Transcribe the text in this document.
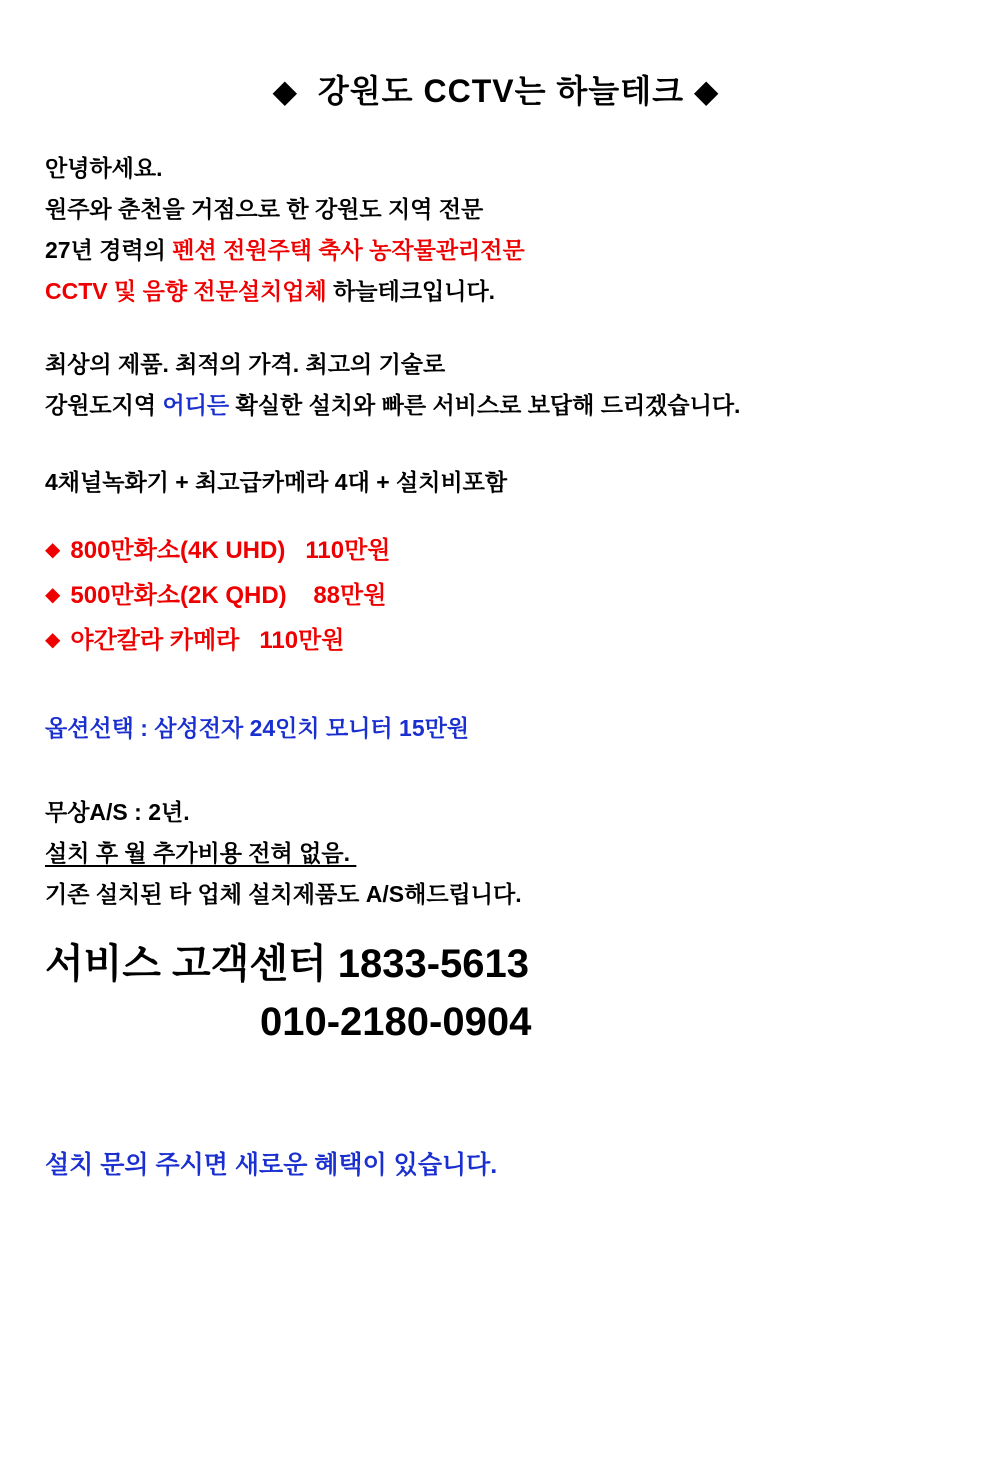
◆  강원도 CCTV는 하늘테크 ◆
안녕하세요.
원주와 춘천을 거점으로 한 강원도 지역 전문
27년 경력의 펜션 전원주택 축사 농작물관리전문
CCTV 및 음향 전문설치업체 하늘테크입니다.
최상의 제품. 최적의 가격. 최고의 기술로
강원도지역 어디든 확실한 설치와 빠른 서비스로 보답해 드리겠습니다.
4채널녹화기 + 최고급카메라 4대 + 설치비포함
◆ 800만화소(4K UHD) 110만원
◆ 500만화소(2K QHD) 88만원
◆ 야간칼라 카메라 110만원
옵션선택 : 삼성전자 24인치 모니터 15만원
무상A/S : 2년.
설치 후 월 추가비용 전혀 없음.
기존 설치된 타 업체 설치제품도 A/S해드립니다.
서비스 고객센터 1833-5613
010-2180-0904
설치 문의 주시면 새로운 혜택이 있습니다.
